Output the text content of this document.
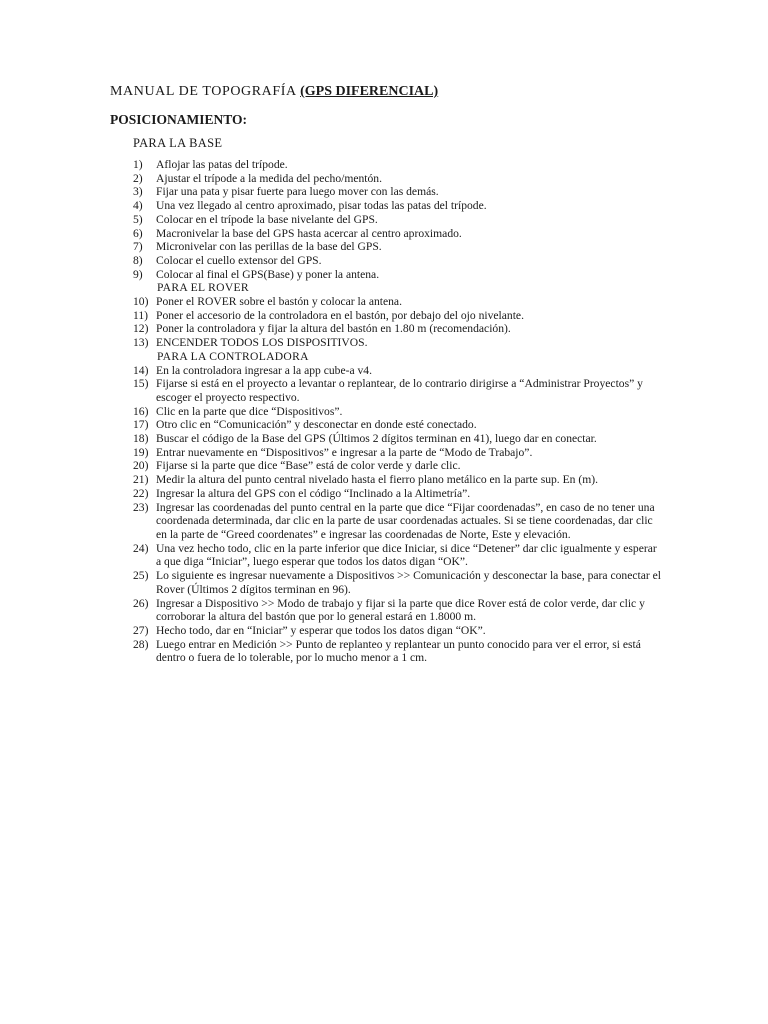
MANUAL DE TOPOGRAFÍA (GPS DIFERENCIAL)
POSICIONAMIENTO:
PARA LA BASE
1)	Aflojar las patas del trípode.
2)	Ajustar el trípode a la medida del pecho/mentón.
3)	Fijar una pata y pisar fuerte para luego mover con las demás.
4)	Una vez llegado al centro aproximado, pisar todas las patas del trípode.
5)	Colocar en el trípode la base nivelante del GPS.
6)	Macronivelar la base del GPS hasta acercar al centro aproximado.
7)	Micronivelar con las perillas de la base del GPS.
8)	Colocar el cuello extensor del GPS.
9)	Colocar al final el GPS(Base) y poner la antena.
PARA EL ROVER
10) Poner el ROVER sobre el bastón y colocar la antena.
11) Poner el accesorio de la controladora en el bastón, por debajo del ojo nivelante.
12) Poner la controladora y fijar la altura del bastón en 1.80 m (recomendación).
13) ENCENDER TODOS LOS DISPOSITIVOS.
PARA LA CONTROLADORA
14) En la controladora ingresar a la app cube-a v4.
15) Fijarse si está en el proyecto a levantar o replantear, de lo contrario dirigirse a “Administrar Proyectos” y escoger el proyecto respectivo.
16) Clic en la parte que dice “Dispositivos”.
17) Otro clic en “Comunicación” y desconectar en donde esté conectado.
18) Buscar el código de la Base del GPS (Últimos 2 dígitos terminan en 41), luego dar en conectar.
19) Entrar nuevamente en “Dispositivos” e ingresar a la parte de “Modo de Trabajo”.
20) Fijarse si la parte que dice “Base” está de color verde y darle clic.
21) Medir la altura del punto central nivelado hasta el fierro plano metálico en la parte sup. En (m).
22) Ingresar la altura del GPS con el código “Inclinado a la Altimetría”.
23) Ingresar las coordenadas del punto central en la parte que dice “Fijar coordenadas”, en caso de no tener una coordenada determinada, dar clic en la parte de usar coordenadas actuales. Si se tiene coordenadas, dar clic en la parte de “Greed coordenates” e ingresar las coordenadas de Norte, Este y elevación.
24) Una vez hecho todo, clic en la parte inferior que dice Iniciar, si dice “Detener” dar clic igualmente y esperar a que diga “Iniciar”, luego esperar que todos los datos digan “OK”.
25) Lo siguiente es ingresar nuevamente a Dispositivos >> Comunicación y desconectar la base, para conectar el Rover (Últimos 2 dígitos terminan en 96).
26) Ingresar a Dispositivo >> Modo de trabajo y fijar si la parte que dice Rover está de color verde, dar clic y corroborar la altura del bastón que por lo general estará en 1.8000 m.
27) Hecho todo, dar en “Iniciar” y esperar que todos los datos digan “OK”.
28) Luego entrar en Medición >> Punto de replanteo y replantear un punto conocido para ver el error, si está dentro o fuera de lo tolerable, por lo mucho menor a 1 cm.
